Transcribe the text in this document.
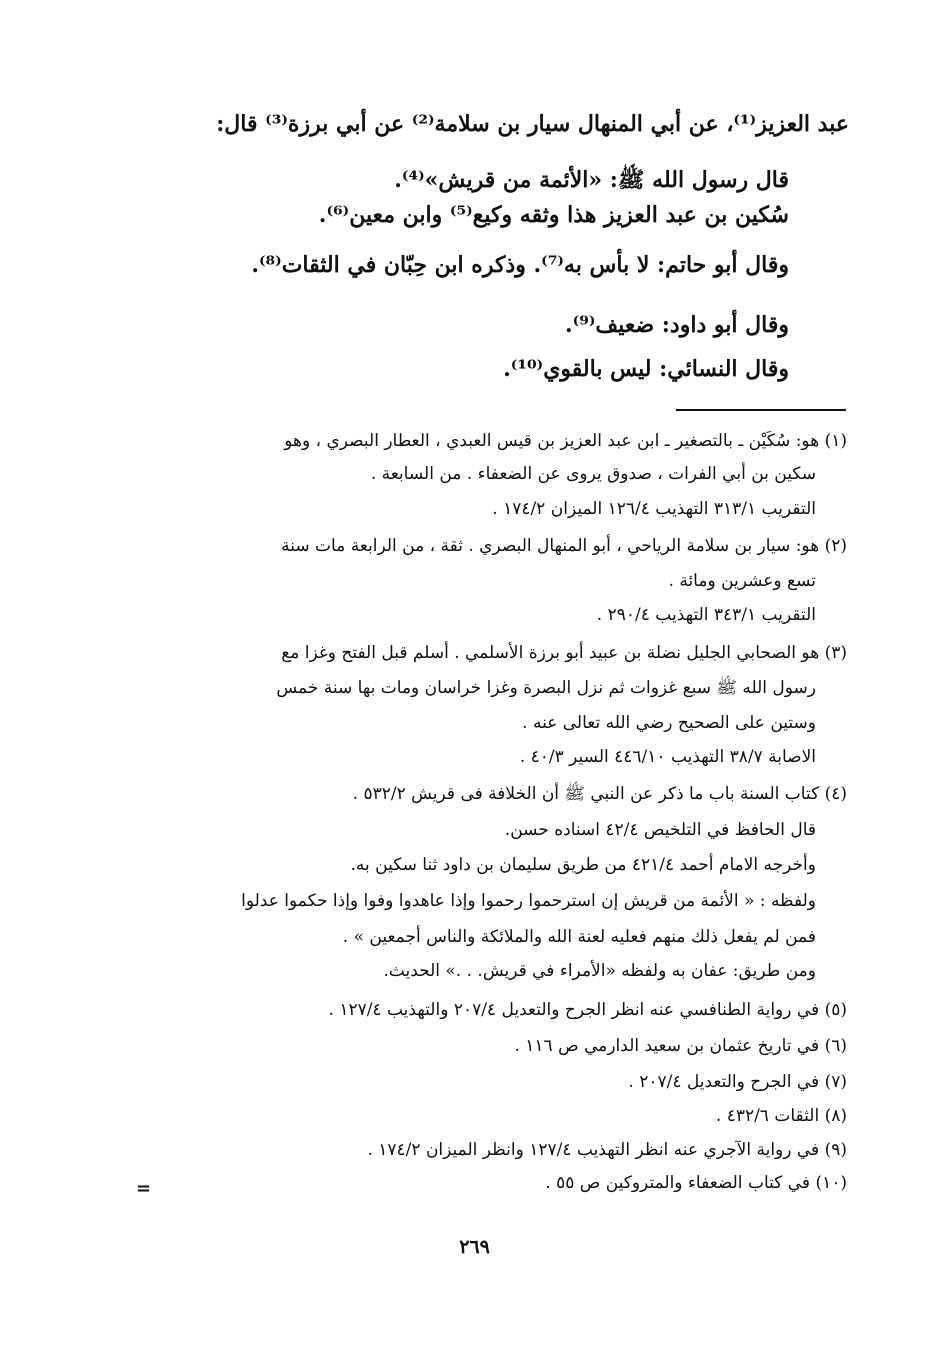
عبد العزيز⁽¹⁾، عن أبي المنهال سيار بن سلامة⁽²⁾ عن أبي برزة⁽³⁾ قال:
قال رسول الله ﷺ: «الأئمة من قريش»⁽⁴⁾.
سُكين بن عبد العزيز هذا وثقه وكيع⁽⁵⁾ وابن معين⁽⁶⁾.
وقال أبو حاتم: لا بأس به⁽⁷⁾. وذكره ابن حِبّان في الثقات⁽⁸⁾.
وقال أبو داود: ضعيف⁽⁹⁾.
وقال النسائي: ليس بالقوي⁽¹⁰⁾.
(١) هو: سُكَيْن ـ بالتصغير ـ ابن عبد العزيز بن قيس العبدي ، العطار البصري ، وهو
سكين بن أبي الفرات ، صدوق يروى عن الضعفاء . من السابعة .
التقريب ٣١٣/١ التهذيب ١٢٦/٤ الميزان ١٧٤/٢ .
(٢) هو: سيار بن سلامة الرياحي ، أبو المنهال البصري . ثقة ، من الرابعة مات سنة
تسع وعشرين ومائة .
التقريب ٣٤٣/١ التهذيب ٢٩٠/٤ .
(٣) هو الصحابي الجليل نضلة بن عبيد أبو برزة الأسلمي . أسلم قبل الفتح وغزا مع
رسول الله ﷺ سبع غزوات ثم نزل البصرة وغزا خراسان ومات بها سنة خمس
وستين على الصحيح رضي الله تعالى عنه .
الاصابة ٣٨/٧ التهذيب ٤٤٦/١٠ السير ٤٠/٣ .
(٤) كتاب السنة باب ما ذكر عن النبي ﷺ أن الخلافة فى قريش ٥٣٢/٢ .
قال الحافظ في التلخيص ٤٢/٤ اسناده حسن.
وأخرجه الامام أحمد ٤٢١/٤ من طريق سليمان بن داود ثنا سكين به.
ولفظه : « الأئمة من قريش إن استرحموا رحموا وإذا عاهدوا وفوا وإذا حكموا عدلوا
فمن لم يفعل ذلك منهم فعليه لعنة الله والملائكة والناس أجمعين » .
ومن طريق: عفان به ولفظه «الأمراء في قريش. . .» الحديث.
(٥) في رواية الطنافسي عنه انظر الجرح والتعديل ٢٠٧/٤ والتهذيب ١٢٧/٤ .
(٦) في تاريخ عثمان بن سعيد الدارمي ص ١١٦ .
(٧) في الجرح والتعديل ٢٠٧/٤ .
(٨) الثقات ٤٣٢/٦ .
(٩) في رواية الآجري عنه انظر التهذيب ١٢٧/٤ وانظر الميزان ١٧٤/٢ .
(١٠) في كتاب الضعفاء والمتروكين ص ٥٥ .
=
٢٦٩
